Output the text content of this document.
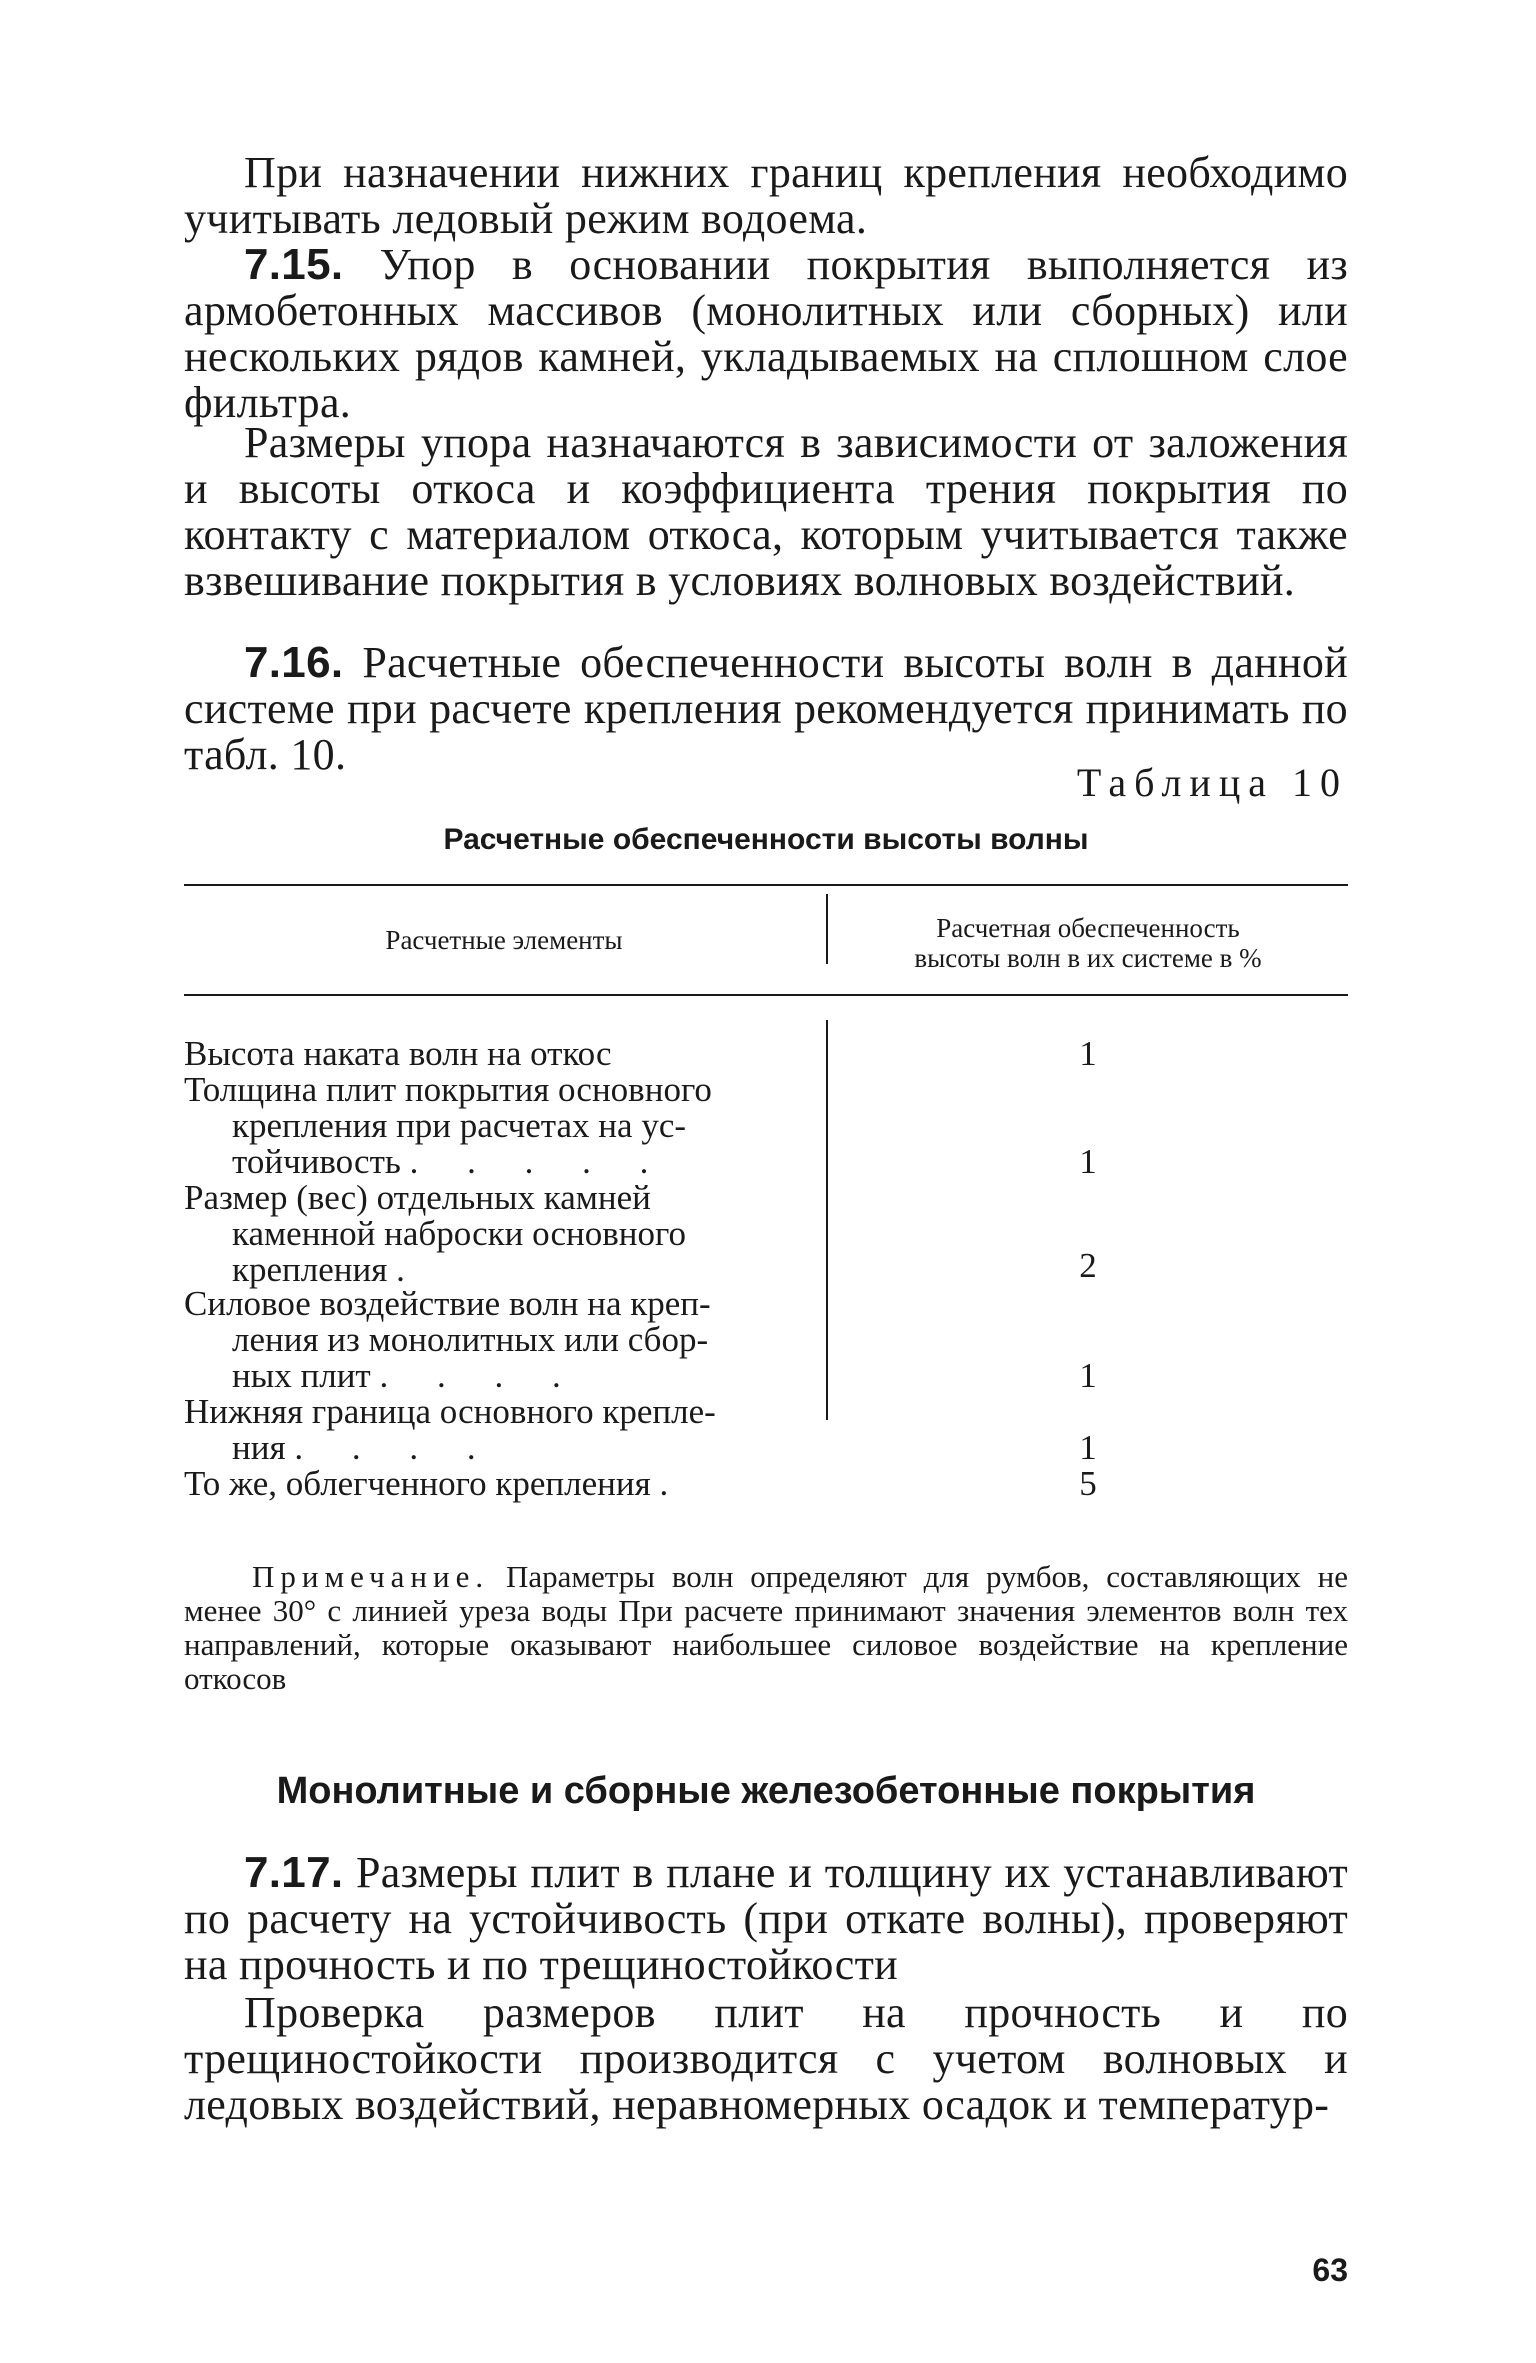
При назначении нижних границ крепления необходимо учитывать ледовый режим водоема.

7.15. Упор в основании покрытия выполняется из армобетонных массивов (монолитных или сборных) или нескольких рядов камней, укладываемых на сплошном слое фильтра.

Размеры упора назначаются в зависимости от заложения и высоты откоса и коэффициента трения покрытия по контакту с материалом откоса, которым учитывается также взвешивание покрытия в условиях волновых воздействий.

7.16. Расчетные обеспеченности высоты волн в данной системе при расчете крепления рекомендуется принимать по табл. 10.

Таблица 10
Расчетные обеспеченности высоты волны
Расчетные элементы	Расчетная обеспеченность
высоты волн в их системе в %
Высота наката волн на откос	1
Толщина плит покрытия основного
крепления при расчетах на ус-
тойчивость . . . . .	1
Размер (вес) отдельных камней
каменной наброски основного
крепления .	2
Силовое воздействие волн на креп-
ления из монолитных или сбор-
ных плит . . . .	1
Нижняя граница основного крепле-
ния . . . .	1
То же, облегченного крепления .	5

Примечание. Параметры волн определяют для румбов, составляющих не менее 30° с линией уреза воды При расчете принимают значения элементов волн тех направлений, которые оказывают наибольшее силовое воздействие на крепление откосов

Монолитные и сборные железобетонные покрытия

7.17. Размеры плит в плане и толщину их устанавливают по расчету на устойчивость (при откате волны), проверяют на прочность и по трещиностойкости

Проверка размеров плит на прочность и по трещиностойкости производится с учетом волновых и ледовых воздействий, неравномерных осадок и температур-

63
